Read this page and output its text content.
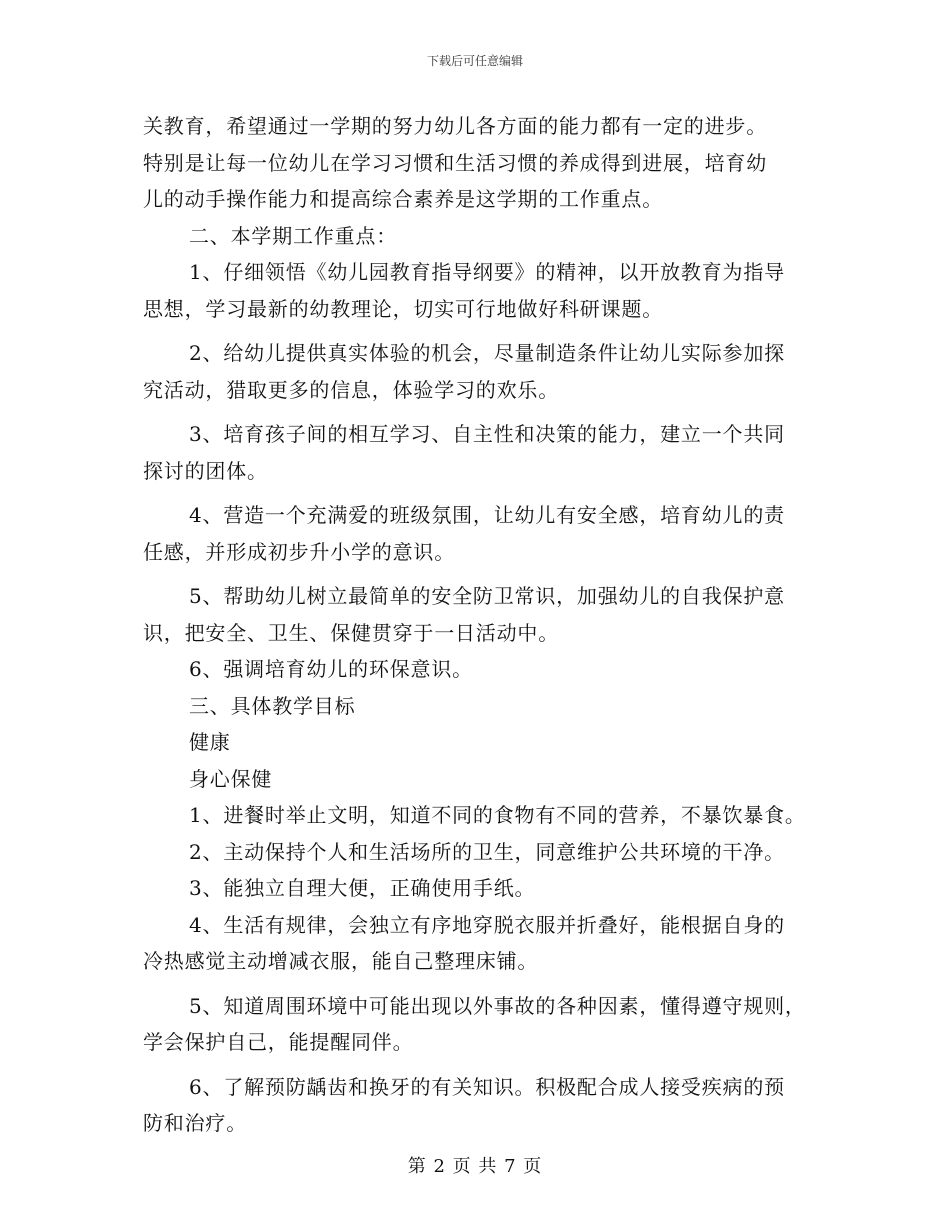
下载后可任意编辑
关教育，希望通过一学期的努力幼儿各方面的能力都有一定的进步。
特别是让每一位幼儿在学习习惯和生活习惯的养成得到进展，培育幼
儿的动手操作能力和提高综合素养是这学期的工作重点。
二、本学期工作重点：
1、仔细领悟《幼儿园教育指导纲要》的精神，以开放教育为指导
思想，学习最新的幼教理论，切实可行地做好科研课题。
2、给幼儿提供真实体验的机会，尽量制造条件让幼儿实际参加探
究活动，猎取更多的信息，体验学习的欢乐。
3、培育孩子间的相互学习、自主性和决策的能力，建立一个共同
探讨的团体。
4、营造一个充满爱的班级氛围，让幼儿有安全感，培育幼儿的责
任感，并形成初步升小学的意识。
5、帮助幼儿树立最简单的安全防卫常识，加强幼儿的自我保护意
识，把安全、卫生、保健贯穿于一日活动中。
6、强调培育幼儿的环保意识。
三、具体教学目标
健康
身心保健
1、进餐时举止文明，知道不同的食物有不同的营养，不暴饮暴食。
2、主动保持个人和生活场所的卫生，同意维护公共环境的干净。
3、能独立自理大便，正确使用手纸。
4、生活有规律，会独立有序地穿脱衣服并折叠好，能根据自身的
冷热感觉主动增减衣服，能自己整理床铺。
5、知道周围环境中可能出现以外事故的各种因素，懂得遵守规则，
学会保护自己，能提醒同伴。
6、了解预防龋齿和换牙的有关知识。积极配合成人接受疾病的预
防和治疗。
第 2 页 共 7 页
